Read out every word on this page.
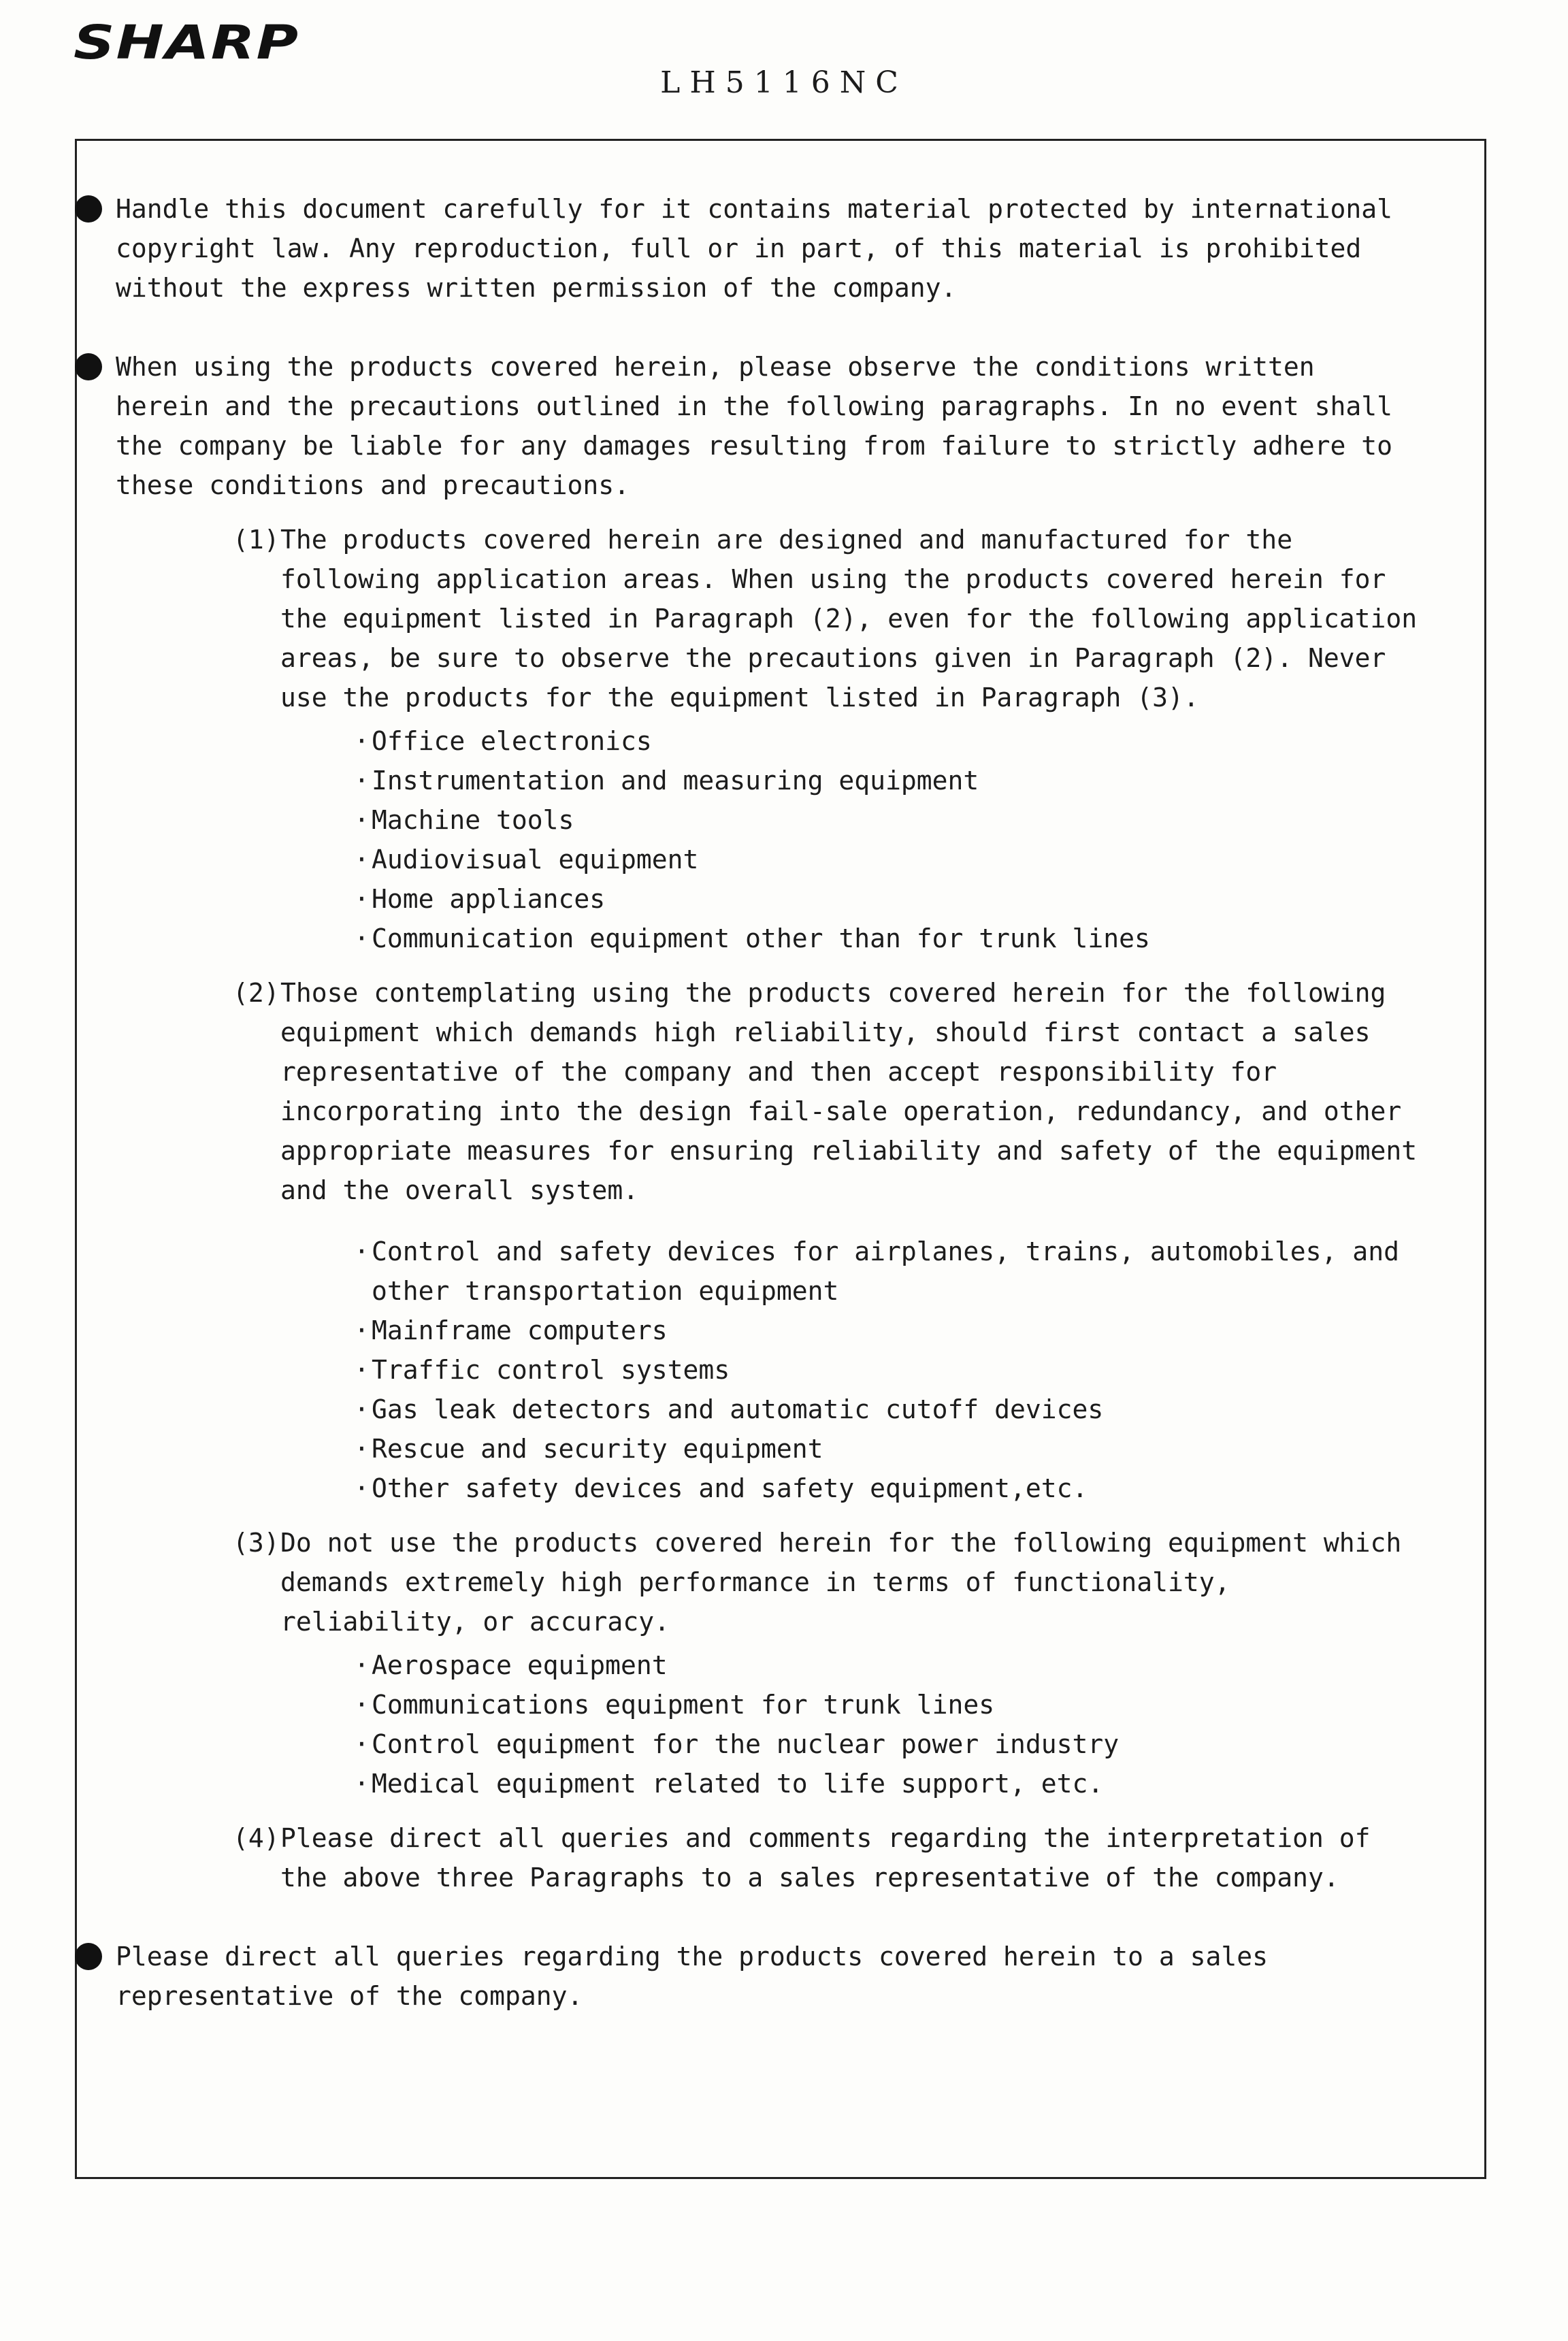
SHARP
LH5116NC
Handle this document carefully for it contains material protected by international copyright law. Any reproduction, full or in part, of this material is prohibited without the express written permission of the company.
When using the products covered herein, please observe the conditions written herein and the precautions outlined in the following paragraphs. In no event shall the company be liable for any damages resulting from failure to strictly adhere to these conditions and precautions.
(1) The products covered herein are designed and manufactured for the following application areas. When using the products covered herein for the equipment listed in Paragraph (2), even for the following application areas, be sure to observe the precautions given in Paragraph (2). Never use the products for the equipment listed in Paragraph (3).
· Office electronics
· Instrumentation and measuring equipment
· Machine tools
· Audiovisual equipment
· Home appliances
· Communication equipment other than for trunk lines
(2) Those contemplating using the products covered herein for the following equipment which demands high reliability, should first contact a sales representative of the company and then accept responsibility for incorporating into the design fail-sale operation, redundancy, and other appropriate measures for ensuring reliability and safety of the equipment and the overall system.
· Control and safety devices for airplanes, trains, automobiles, and other transportation equipment
· Mainframe computers
· Traffic control systems
· Gas leak detectors and automatic cutoff devices
· Rescue and security equipment
· Other safety devices and safety equipment,etc.
(3) Do not use the products covered herein for the following equipment which demands extremely high performance in terms of functionality, reliability, or accuracy.
· Aerospace equipment
· Communications equipment for trunk lines
· Control equipment for the nuclear power industry
· Medical equipment related to life support, etc.
(4) Please direct all queries and comments regarding the interpretation of the above three Paragraphs to a sales representative of the company.
Please direct all queries regarding the products covered herein to a sales representative of the company.
